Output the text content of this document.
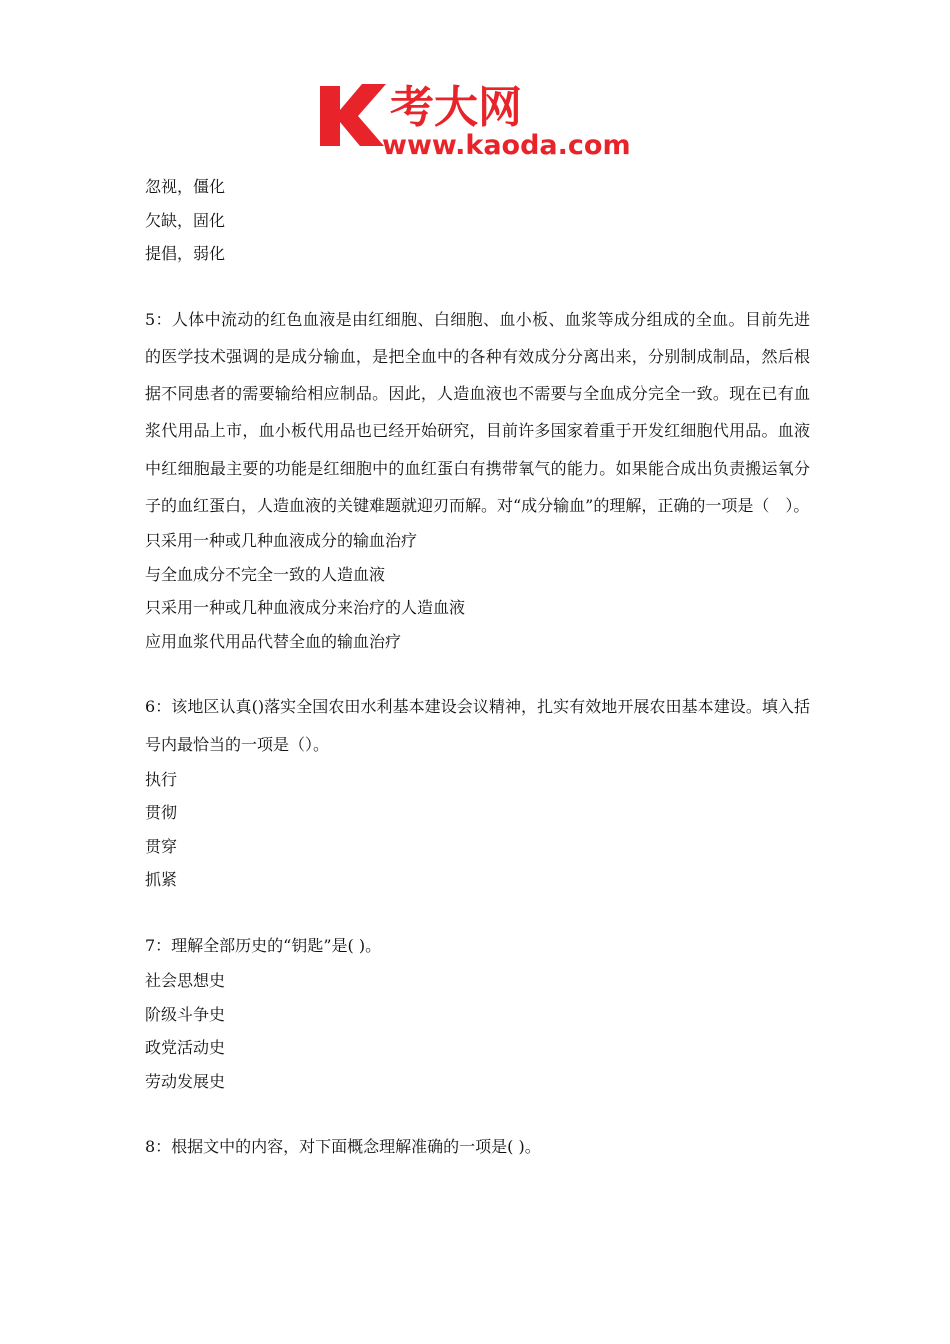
考大网
www.kaoda.com
忽视，僵化
欠缺，固化
提倡，弱化
5：人体中流动的红色血液是由红细胞、白细胞、血小板、血浆等成分组成的全血。目前先进的医学技术强调的是成分输血，是把全血中的各种有效成分分离出来，分别制成制品，然后根据不同患者的需要输给相应制品。因此，人造血液也不需要与全血成分完全一致。现在已有血浆代用品上市，血小板代用品也已经开始研究，目前许多国家着重于开发红细胞代用品。血液中红细胞最主要的功能是红细胞中的血红蛋白有携带氧气的能力。如果能合成出负责搬运氧分子的血红蛋白，人造血液的关键难题就迎刃而解。对“成分输血”的理解，正确的一项是（　）。
只采用一种或几种血液成分的输血治疗
与全血成分不完全一致的人造血液
只采用一种或几种血液成分来治疗的人造血液
应用血浆代用品代替全血的输血治疗
6：该地区认真()落实全国农田水利基本建设会议精神，扎实有效地开展农田基本建设。填入括号内最恰当的一项是（）。
执行
贯彻
贯穿
抓紧
7：理解全部历史的“钥匙”是( )。
社会思想史
阶级斗争史
政党活动史
劳动发展史
8：根据文中的内容，对下面概念理解准确的一项是( )。
